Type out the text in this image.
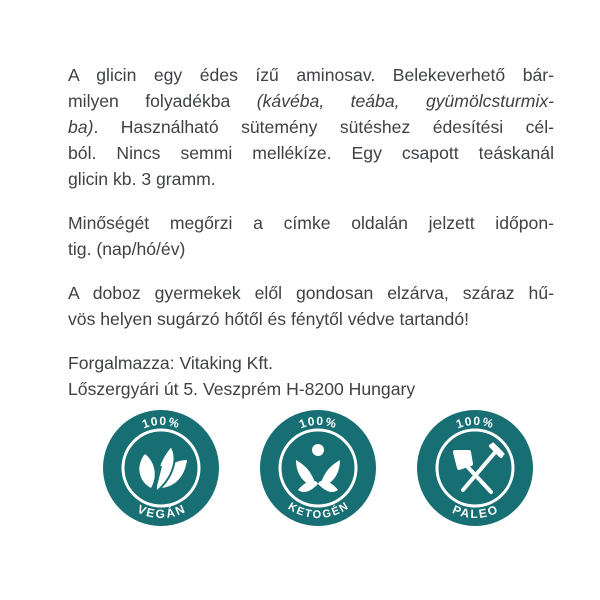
A glicin egy édes ízű aminosav. Belekeverhető bár-
milyen folyadékba (kávéba, teába, gyümölcsturmix-
ba). Használható sütemény sütéshez édesítési cél-
ból. Nincs semmi mellékíze. Egy csapott teáskanál
glicin kb. 3 gramm.

Minőségét megőrzi a címke oldalán jelzett időpon-
tig. (nap/hó/év)

A doboz gyermekek elől gondosan elzárva, száraz hű-
vös helyen sugárzó hőtől és fénytől védve tartandó!

Forgalmazza: Vitaking Kft.
Lőszergyári út 5. Veszprém H-8200 Hungary

100%
VEGÁN
100%
KETOGÉN
100%
PALEO
